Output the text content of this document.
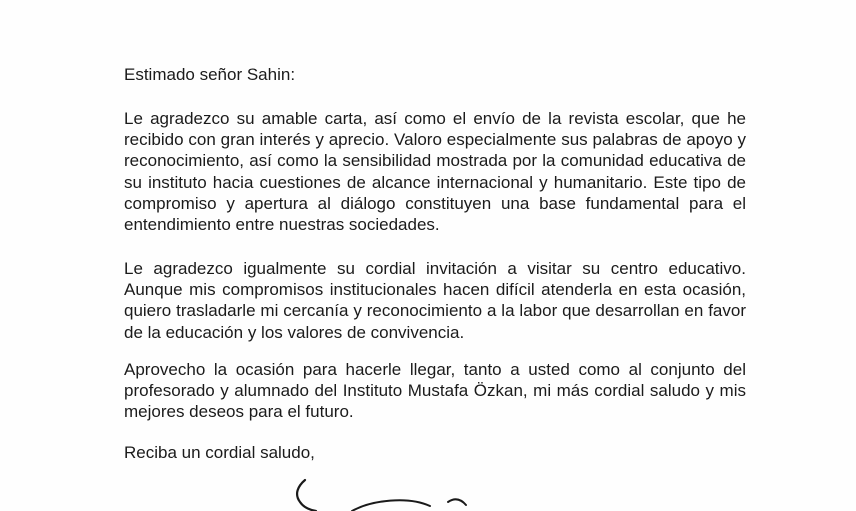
Estimado señor Sahin:

Le agradezco su amable carta, así como el envío de la revista escolar, que he recibido con gran interés y aprecio. Valoro especialmente sus palabras de apoyo y reconocimiento, así como la sensibilidad mostrada por la comunidad educativa de su instituto hacia cuestiones de alcance internacional y humanitario. Este tipo de compromiso y apertura al diálogo constituyen una base fundamental para el entendimiento entre nuestras sociedades.

Le agradezco igualmente su cordial invitación a visitar su centro educativo. Aunque mis compromisos institucionales hacen difícil atenderla en esta ocasión, quiero trasladarle mi cercanía y reconocimiento a la labor que desarrollan en favor de la educación y los valores de convivencia.

Aprovecho la ocasión para hacerle llegar, tanto a usted como al conjunto del profesorado y alumnado del Instituto Mustafa Özkan, mi más cordial saludo y mis mejores deseos para el futuro.

Reciba un cordial saludo,
